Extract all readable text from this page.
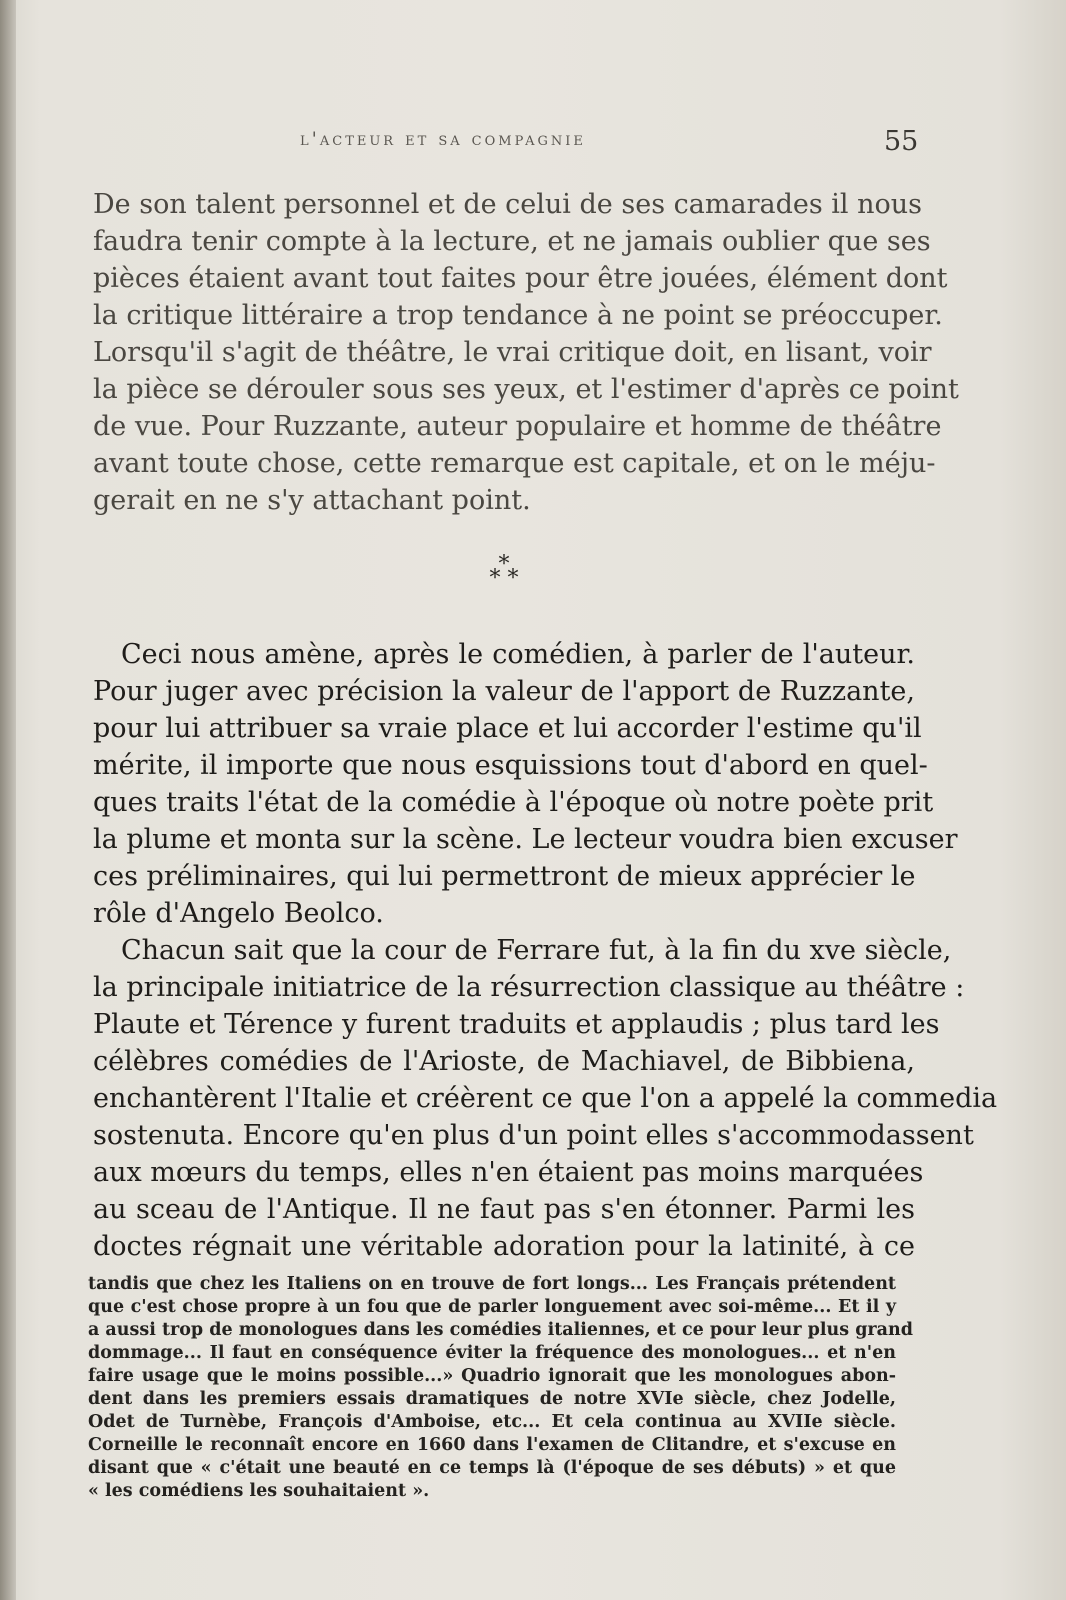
l'acteur et sa compagnie	55
De son talent personnel et de celui de ses camarades il nous
faudra tenir compte à la lecture, et ne jamais oublier que ses
pièces étaient avant tout faites pour être jouées, élément dont
la critique littéraire a trop tendance à ne point se préoccuper.
Lorsqu'il s'agit de théâtre, le vrai critique doit, en lisant, voir
la pièce se dérouler sous ses yeux, et l'estimer d'après ce point
de vue. Pour Ruzzante, auteur populaire et homme de théâtre
avant toute chose, cette remarque est capitale, et on le méju-
gerait en ne s'y attachant point.
*
* *
Ceci nous amène, après le comédien, à parler de l'auteur.
Pour juger avec précision la valeur de l'apport de Ruzzante,
pour lui attribuer sa vraie place et lui accorder l'estime qu'il
mérite, il importe que nous esquissions tout d'abord en quel-
ques traits l'état de la comédie à l'époque où notre poète prit
la plume et monta sur la scène. Le lecteur voudra bien excuser
ces préliminaires, qui lui permettront de mieux apprécier le
rôle d'Angelo Beolco.
Chacun sait que la cour de Ferrare fut, à la fin du xve siècle,
la principale initiatrice de la résurrection classique au théâtre :
Plaute et Térence y furent traduits et applaudis ; plus tard les
célèbres comédies de l'Arioste, de Machiavel, de Bibbiena,
enchantèrent l'Italie et créèrent ce que l'on a appelé la commedia
sostenuta. Encore qu'en plus d'un point elles s'accommodassent
aux mœurs du temps, elles n'en étaient pas moins marquées
au sceau de l'Antique. Il ne faut pas s'en étonner. Parmi les
doctes régnait une véritable adoration pour la latinité, à ce
tandis que chez les Italiens on en trouve de fort longs... Les Français prétendent
que c'est chose propre à un fou que de parler longuement avec soi-même... Et il y
a aussi trop de monologues dans les comédies italiennes, et ce pour leur plus grand
dommage... Il faut en conséquence éviter la fréquence des monologues... et n'en
faire usage que le moins possible...» Quadrio ignorait que les monologues abon-
dent dans les premiers essais dramatiques de notre XVIe siècle, chez Jodelle,
Odet de Turnèbe, François d'Amboise, etc... Et cela continua au XVIIe siècle.
Corneille le reconnaît encore en 1660 dans l'examen de Clitandre, et s'excuse en
disant que « c'était une beauté en ce temps là (l'époque de ses débuts) » et que
« les comédiens les souhaitaient ».
